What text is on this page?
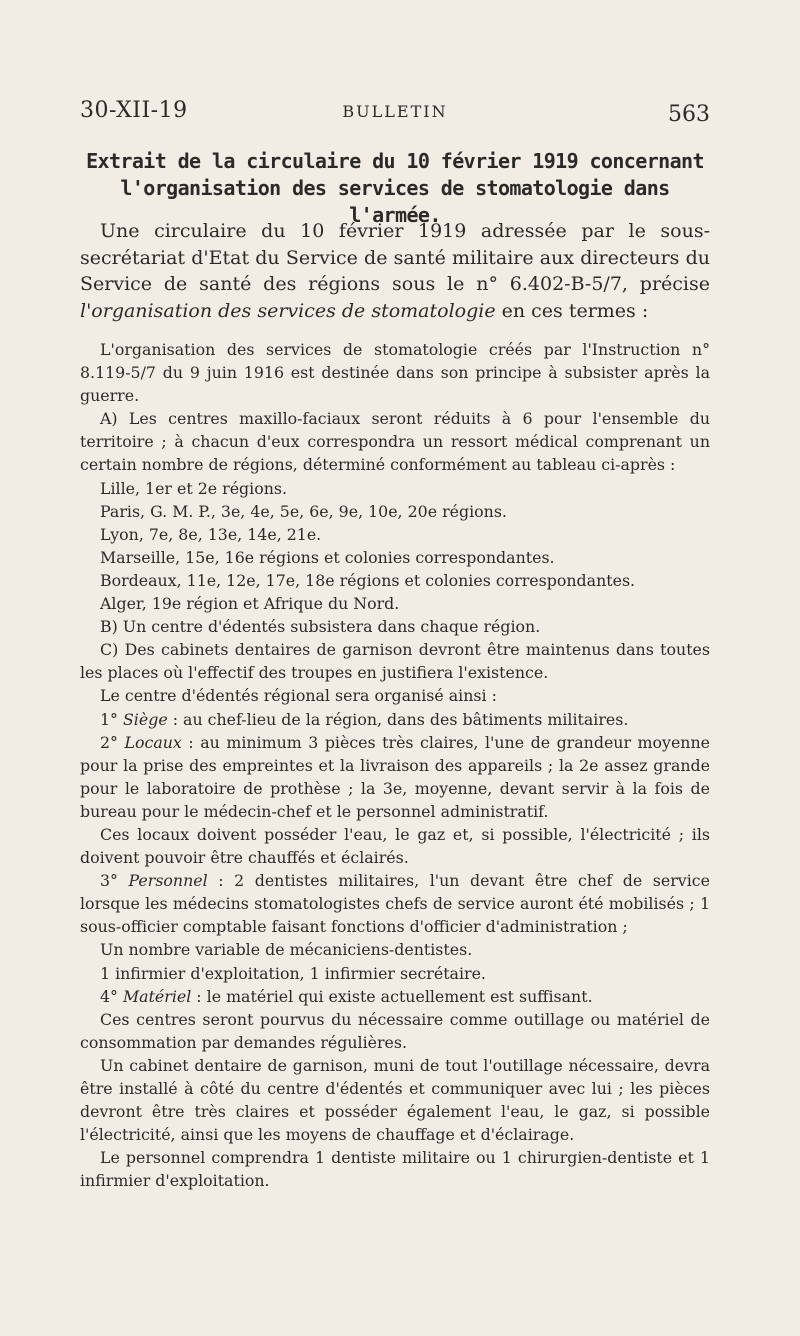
30-XII-19	BULLETIN	563
Extrait de la circulaire du 10 février 1919 concernant
l'organisation des services de stomatologie dans l'armée.

Une circulaire du 10 février 1919 adressée par le sous-secrétariat d'Etat du Service de santé militaire aux directeurs du Service de santé des régions sous le n° 6.402-B-5/7, précise l'organisation des services de stomatologie en ces termes :

L'organisation des services de stomatologie créés par l'Instruction n° 8.119-5/7 du 9 juin 1916 est destinée dans son principe à subsister après la guerre.

A) Les centres maxillo-faciaux seront réduits à 6 pour l'ensemble du territoire ; à chacun d'eux correspondra un ressort médical comprenant un certain nombre de régions, déterminé conformément au tableau ci-après :

Lille, 1er et 2e régions.

Paris, G. M. P., 3e, 4e, 5e, 6e, 9e, 10e, 20e régions.

Lyon, 7e, 8e, 13e, 14e, 21e.

Marseille, 15e, 16e régions et colonies correspondantes.

Bordeaux, 11e, 12e, 17e, 18e régions et colonies correspondantes.

Alger, 19e région et Afrique du Nord.

B) Un centre d'édentés subsistera dans chaque région.

C) Des cabinets dentaires de garnison devront être maintenus dans toutes les places où l'effectif des troupes en justifiera l'existence.

Le centre d'édentés régional sera organisé ainsi :

1° Siège : au chef-lieu de la région, dans des bâtiments militaires.

2° Locaux : au minimum 3 pièces très claires, l'une de grandeur moyenne pour la prise des empreintes et la livraison des appareils ; la 2e assez grande pour le laboratoire de prothèse ; la 3e, moyenne, devant servir à la fois de bureau pour le médecin-chef et le personnel administratif.

Ces locaux doivent posséder l'eau, le gaz et, si possible, l'électricité ; ils doivent pouvoir être chauffés et éclairés.

3° Personnel : 2 dentistes militaires, l'un devant être chef de service lorsque les médecins stomatologistes chefs de service auront été mobilisés ; 1 sous-officier comptable faisant fonctions d'officier d'administration ;

Un nombre variable de mécaniciens-dentistes.

1 infirmier d'exploitation, 1 infirmier secrétaire.

4° Matériel : le matériel qui existe actuellement est suffisant.

Ces centres seront pourvus du nécessaire comme outillage ou matériel de consommation par demandes régulières.

Un cabinet dentaire de garnison, muni de tout l'outillage nécessaire, devra être installé à côté du centre d'édentés et communiquer avec lui ; les pièces devront être très claires et posséder également l'eau, le gaz, si possible l'électricité, ainsi que les moyens de chauffage et d'éclairage.

Le personnel comprendra 1 dentiste militaire ou 1 chirurgien-dentiste et 1 infirmier d'exploitation.
